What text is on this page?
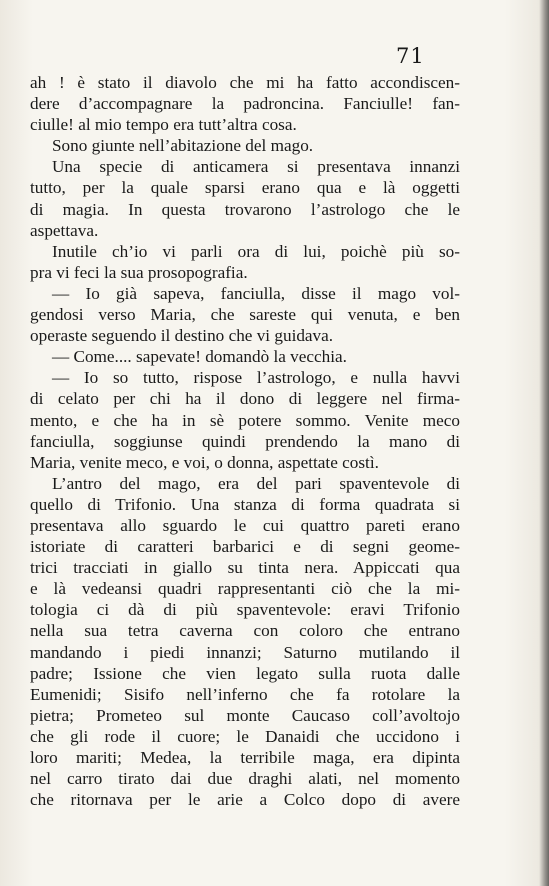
71
ah ! è stato il diavolo che mi ha fatto accondiscen-
dere d’accompagnare la padroncina. Fanciulle! fan-
ciulle! al mio tempo era tutt’altra cosa.
Sono giunte nell’abitazione del mago.
Una specie di anticamera si presentava innanzi
tutto, per la quale sparsi erano qua e là oggetti
di magia. In questa trovarono l’astrologo che le
aspettava.
Inutile ch’io vi parli ora di lui, poichè più so-
pra vi feci la sua prosopografia.
— Io già sapeva, fanciulla, disse il mago vol-
gendosi verso Maria, che sareste qui venuta, e ben
operaste seguendo il destino che vi guidava.
— Come.... sapevate! domandò la vecchia.
— Io so tutto, rispose l’astrologo, e nulla havvi
di celato per chi ha il dono di leggere nel firma-
mento, e che ha in sè potere sommo. Venite meco
fanciulla, soggiunse quindi prendendo la mano di
Maria, venite meco, e voi, o donna, aspettate costì.
L’antro del mago, era del pari spaventevole di
quello di Trifonio. Una stanza di forma quadrata si
presentava allo sguardo le cui quattro pareti erano
istoriate di caratteri barbarici e di segni geome-
trici tracciati in giallo su tinta nera. Appiccati qua
e là vedeansi quadri rappresentanti ciò che la mi-
tologia ci dà di più spaventevole: eravi Trifonio
nella sua tetra caverna con coloro che entrano
mandando i piedi innanzi; Saturno mutilando il
padre; Issione che vien legato sulla ruota dalle
Eumenidi; Sisifo nell’inferno che fa rotolare la
pietra; Prometeo sul monte Caucaso coll’avoltojo
che gli rode il cuore; le Danaidi che uccidono i
loro mariti; Medea, la terribile maga, era dipinta
nel carro tirato dai due draghi alati, nel momento
che ritornava per le arie a Colco dopo di avere
